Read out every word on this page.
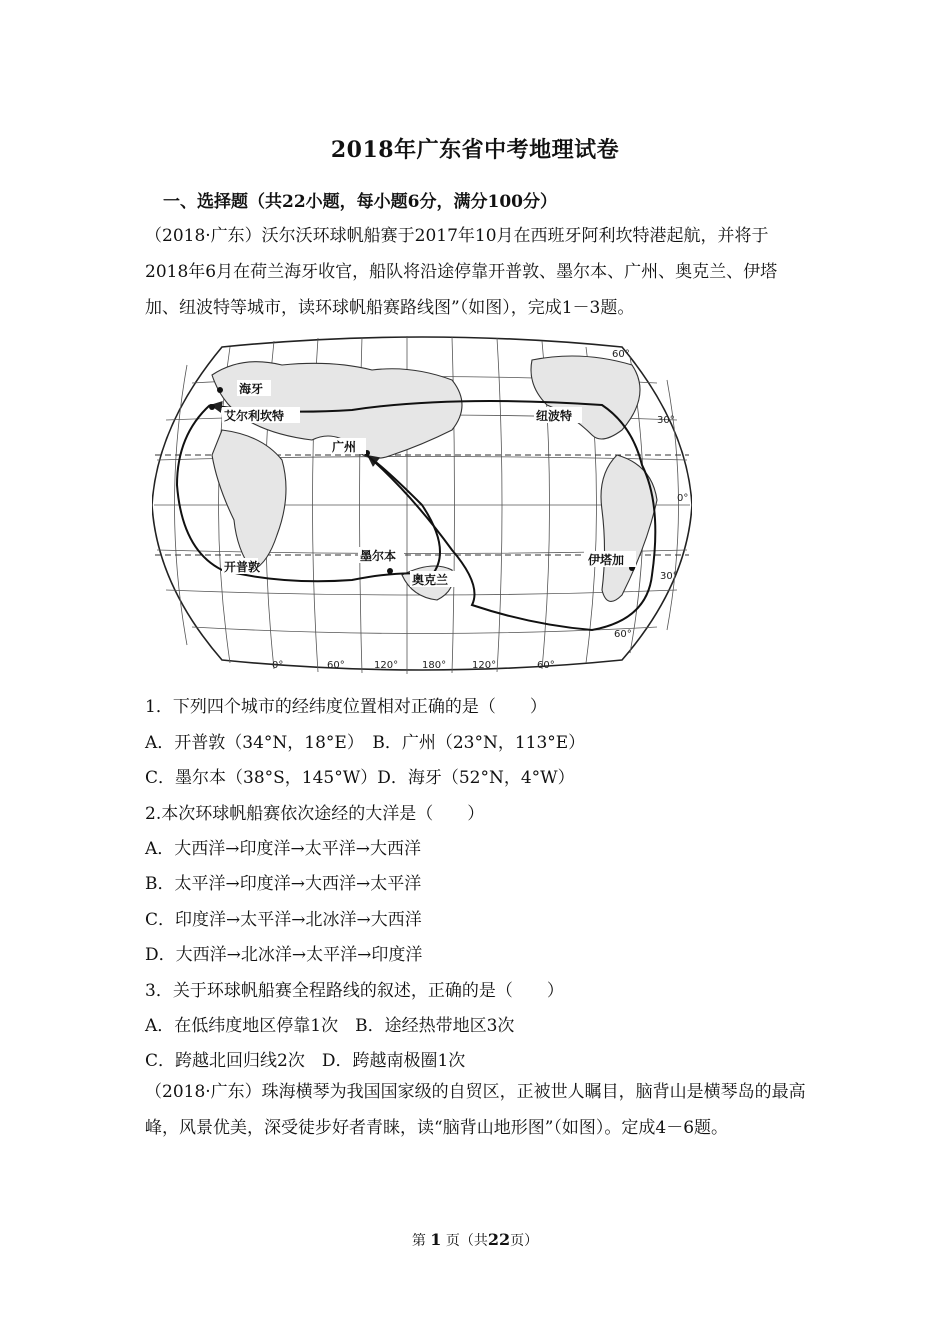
2018年广东省中考地理试卷
一、选择题（共22小题，每小题6分，满分100分）
（2018·广东）沃尔沃环球帆船赛于2017年10月在西班牙阿利坎特港起航，并将于2018年6月在荷兰海牙收官，船队将沿途停靠开普敦、墨尔本、广州、奥克兰、伊塔加、纽波特等城市，读环球帆船赛路线图”（如图），完成1－3题。
海牙
艾尔利坎特
广州
纽波特
开普敦
墨尔本
奥克兰
伊塔加
0°	60°	120° 180°	120°	60°
60°
30°
0°
30°
60°
1．下列四个城市的经纬度位置相对正确的是（　　）
A．开普敦（34°N，18°E）　B．广州（23°N，113°E）
C．墨尔本（38°S，145°W）D．海牙（52°N，4°W）
2.本次环球帆船赛依次途经的大洋是（　　）
A．大西洋→印度洋→太平洋→大西洋
B．太平洋→印度洋→大西洋→太平洋
C．印度洋→太平洋→北冰洋→大西洋
D．大西洋→北冰洋→太平洋→印度洋
3．关于环球帆船赛全程路线的叙述，正确的是（　　）
A．在低纬度地区停靠1次　B．途经热带地区3次
C．跨越北回归线2次　D．跨越南极圈1次
（2018·广东）珠海横琴为我国国家级的自贸区，正被世人瞩目，脑背山是横琴岛的最高峰，风景优美，深受徒步好者青睐，读“脑背山地形图”（如图）。定成4－6题。
第 1 页（共22页）
